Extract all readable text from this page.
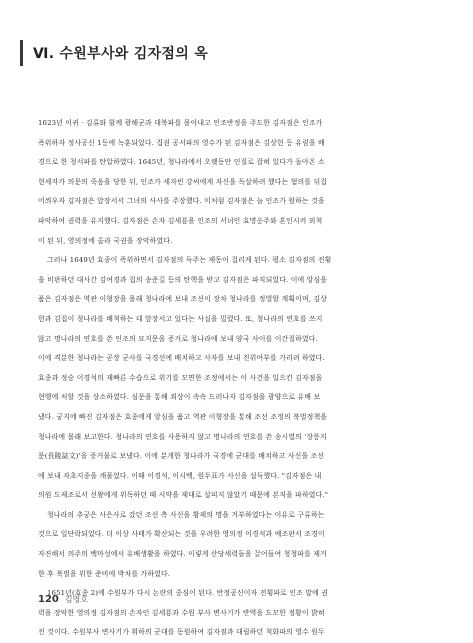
Ⅵ. 수원부사와 김자점의 옥
1623년 이귀 · 김류와 함께 광해군과 대북파를 몰아내고 인조반정을 주도한 김자점은 인조가
즉위하자 정사공신 1등에 녹훈되었다. 집권 공서파의 영수가 된 김자점은 김상헌 등 유림을 배
경으로 한 청서파를 탄압하였다. 1645년, 청나라에서 오랫동안 인질로 잡혀 있다가 돌아온 소
현세자가 의문의 죽음을 당한 뒤, 인조가 세자빈 강씨에게 자신을 독살하려 했다는 혐의를 뒤집
어씌우자 김자점은 앞장서서 그녀의 사사를 주장했다. 이처럼 김자점은 늘 인조가 원하는 것을
파악하여 권력을 유지했다. 김자점은 손자 김세룡을 인조의 서녀인 효명옹주와 혼인시켜 외척
이 된 뒤, 영의정에 올라 국권을 장악하였다.
그러나 1649년 효종이 즉위하면서 김자점의 득주는 제동이 걸리게 된다. 평소 김자점의 전횡
을 비판하던 대사간 김여경과 집의 송준길 등의 탄핵을 받고 김자점은 파직되었다. 이에 앙심을
품은 김자점은 역관 이형장을 몰래 청나라에 보내 조선이 장차 청나라를 정벌할 계획이며, 김상
헌과 김집이 청나라를 배척하는 데 앞장서고 있다는 사실을 밀렸다. 또, 청나라의 연호를 쓰지
않고 명나라의 연호를 쓴 인조의 묘지문을 증거로 청나라에 보내 양국 사이를 이간질하였다.
이에 격분한 청나라는 곧장 군사를 국경선에 배치하고 사자를 보내 진위여부를 가리려 하였다.
효종과 정승 이경석의 재빠른 수습으로 위기를 모면한 조정에서는 이 사건을 일으킨 김자점을
현행에 처할 것을 상소하였다. 심문을 통해 죄상이 속속 드러나자 김자점을 광양으로 유배 보
냈다. 궁지에 빠진 김자점은 효종에게 앙심을 품고 역관 이형장을 통해 조선 조정의 북벌정책을
청나라에 몰래 보고한다. 청나라의 연호를 사용하지 않고 명나라의 연호를 쓴 송시열의 '장릉지
문(長陵誌文)'을 증거물로 보냈다. 이에 분개한 청나라가 국경에 군대를 배치하고 사신을 조선
에 보내 자초지종을 캐물었다. 이때 이경석, 이시백, 원두표가 사신을 설득했다. "김자점은 내
의원 도제조로서 선왕에게 위독하던 때 시약을 제대로 살피지 않았기 때문에 본직을 파하였다."
청나라의 추궁은 사은사로 갔던 조선 측 사신을 황제의 명을 거부하였다는 이유로 구류하는
것으로 일단락되었다. 더 이상 사태가 확산되는 것을 우려한 영의정 이경석과 예조판서 조경이
자진해서 의주의 백마성에서 유배생활을 하였다. 이렇게 산당세력들을 끌어들여 청청파를 제거
한 후 북벌을 위한 준비에 박차를 가하였다.
1651년(효종 2)에 수원부가 다시 논란의 중심이 된다. 반정공신이자 전횡파로 인조 말에 권
력을 장악한 영의정 김자점의 손자인 김세룡과 수원 부사 변사기가 반역을 도모한 정황이 밝혀
진 것이다. 수원부사 변사기가 휘하의 군대를 동원하여 김자점과 대립하던 척화파의 영수 원두
120 김영호
